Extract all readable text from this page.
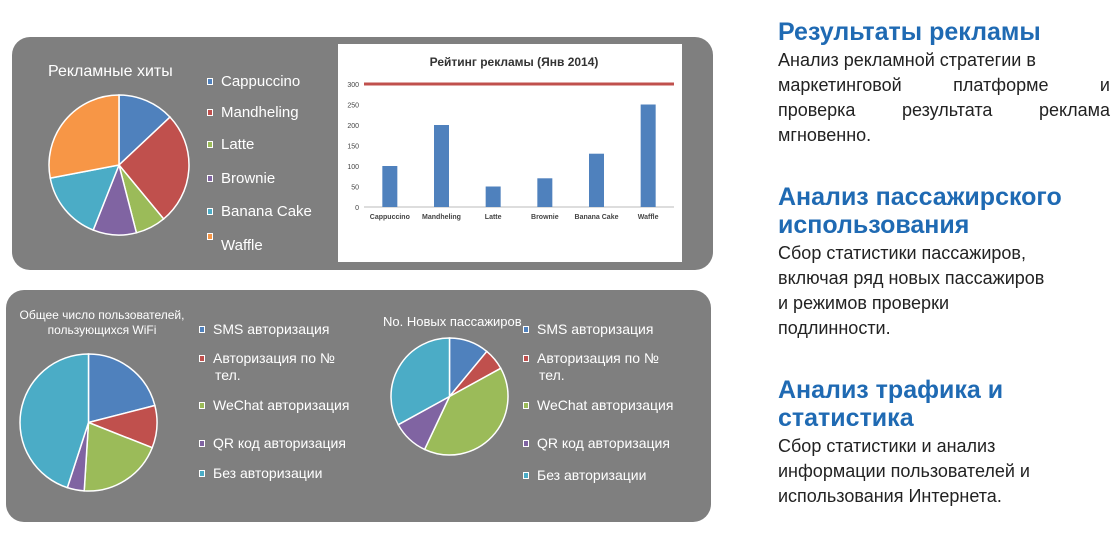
Рекламные хиты
Cappuccino
Mandheling
Latte
Brownie
Banana Cake
Waffle
Рейтинг рекламы (Янв 2014)
0
50
100
150
200
250
300
Cappuccino Mandheling	Latte	Brownie Banana Cake	Waffle
Общее число пользователей,
пользующихся WiFi	SMS авторизация
Авторизация по №
тел.
WeChat авторизация
QR код авторизация
Без авторизации
No. Новых пассажиров	SMS авторизация
Авторизация по №
тел.
WeChat авторизация
QR код авторизация
Без авторизации
Результаты рекламы
Анализ рекламной стратегии в
маркетинговой платформе и
проверка результата реклама
мгновенно.
Анализ пассажирского
использования
Сбор статистики пассажиров,
включая ряд новых пассажиров
и режимов проверки
подлинности.
Анализ трафика и
статистика
Сбор статистики и анализ
информации пользователей и
использования Интернета.
